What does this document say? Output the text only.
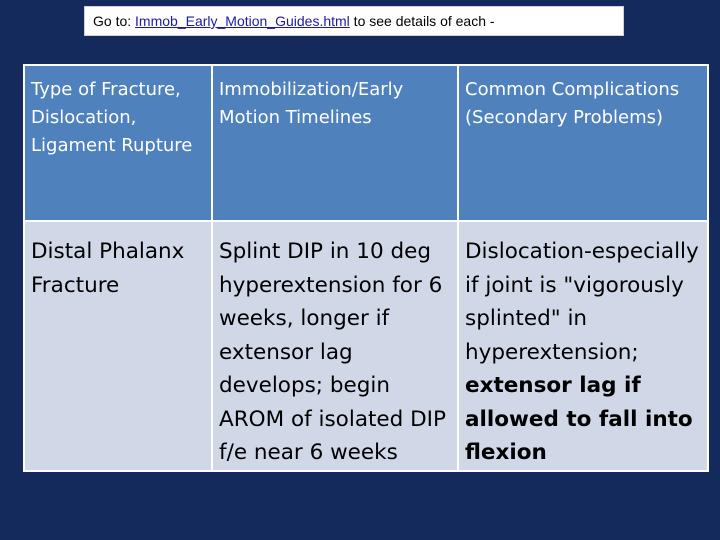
Go to: Immob_Early_Motion_Guides.html to see details of each -
Type of Fracture, Dislocation, Ligament Rupture	Immobilization/Early Motion Timelines	Common Complications (Secondary Problems)

Distal Phalanx Fracture	Splint DIP in 10 deg hyperextension for 6 weeks, longer if extensor lag develops; begin AROM of isolated DIP f/e near 6 weeks	Dislocation-especially if joint is "vigorously splinted" in hyperextension; extensor lag if allowed to fall into flexion
